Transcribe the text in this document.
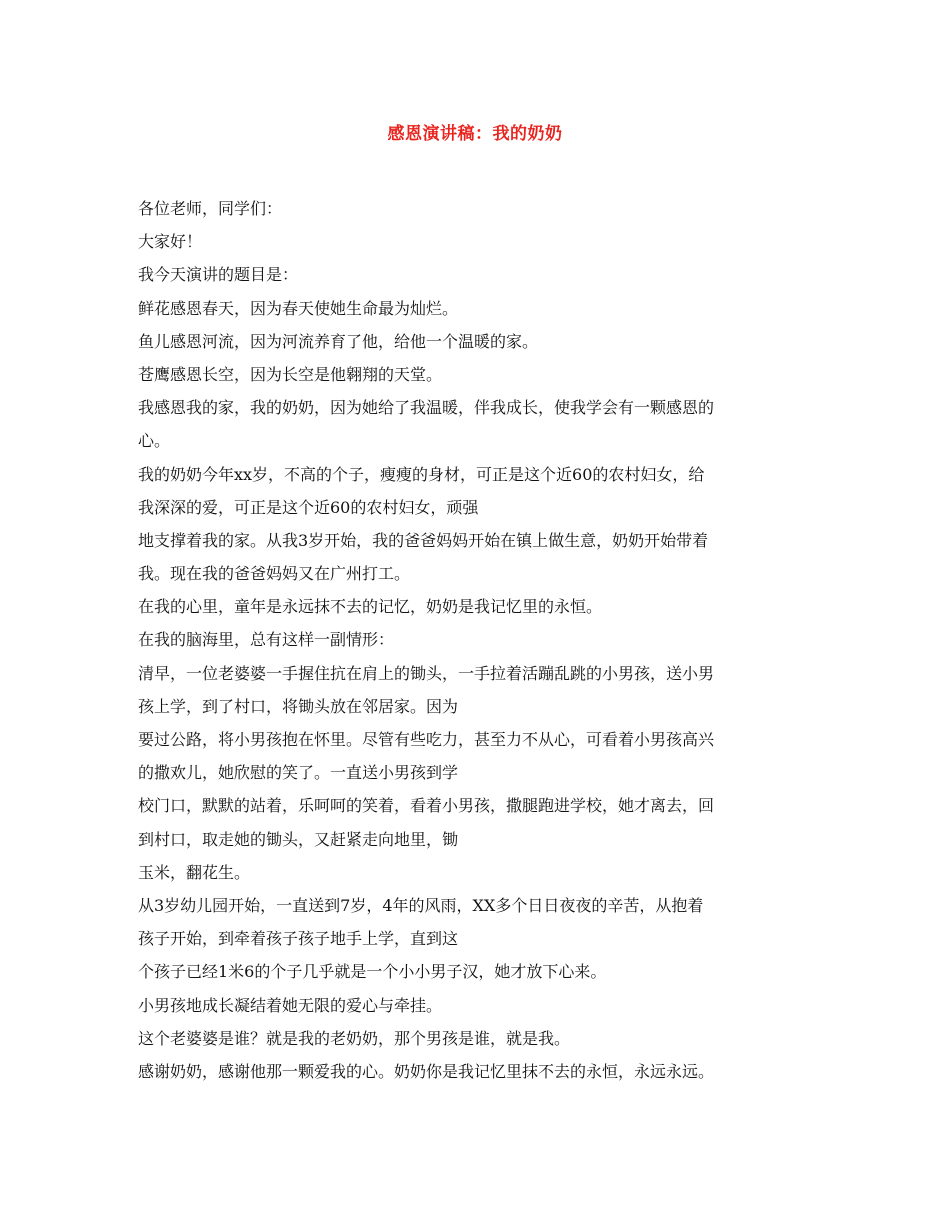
感恩演讲稿：我的奶奶
各位老师，同学们：
大家好！
我今天演讲的题目是：
鲜花感恩春天，因为春天使她生命最为灿烂。
鱼儿感恩河流，因为河流养育了他，给他一个温暖的家。
苍鹰感恩长空，因为长空是他翱翔的天堂。
我感恩我的家，我的奶奶，因为她给了我温暖，伴我成长，使我学会有一颗感恩的
心。
我的奶奶今年xx岁，不高的个子，瘦瘦的身材，可正是这个近60的农村妇女，给
我深深的爱，可正是这个近60的农村妇女，顽强
地支撑着我的家。从我3岁开始，我的爸爸妈妈开始在镇上做生意，奶奶开始带着
我。现在我的爸爸妈妈又在广州打工。
在我的心里，童年是永远抹不去的记忆，奶奶是我记忆里的永恒。
在我的脑海里，总有这样一副情形：
清早，一位老婆婆一手握住抗在肩上的锄头，一手拉着活蹦乱跳的小男孩，送小男
孩上学，到了村口，将锄头放在邻居家。因为
要过公路，将小男孩抱在怀里。尽管有些吃力，甚至力不从心，可看着小男孩高兴
的撒欢儿，她欣慰的笑了。一直送小男孩到学
校门口，默默的站着，乐呵呵的笑着，看着小男孩，撒腿跑进学校，她才离去，回
到村口，取走她的锄头，又赶紧走向地里，锄
玉米，翻花生。
从3岁幼儿园开始，一直送到7岁，4年的风雨，XX多个日日夜夜的辛苦，从抱着
孩子开始，到牵着孩子孩子地手上学，直到这
个孩子已经1米6的个子几乎就是一个小小男子汉，她才放下心来。
小男孩地成长凝结着她无限的爱心与牵挂。
这个老婆婆是谁？就是我的老奶奶，那个男孩是谁，就是我。
感谢奶奶，感谢他那一颗爱我的心。奶奶你是我记忆里抹不去的永恒，永远永远。
